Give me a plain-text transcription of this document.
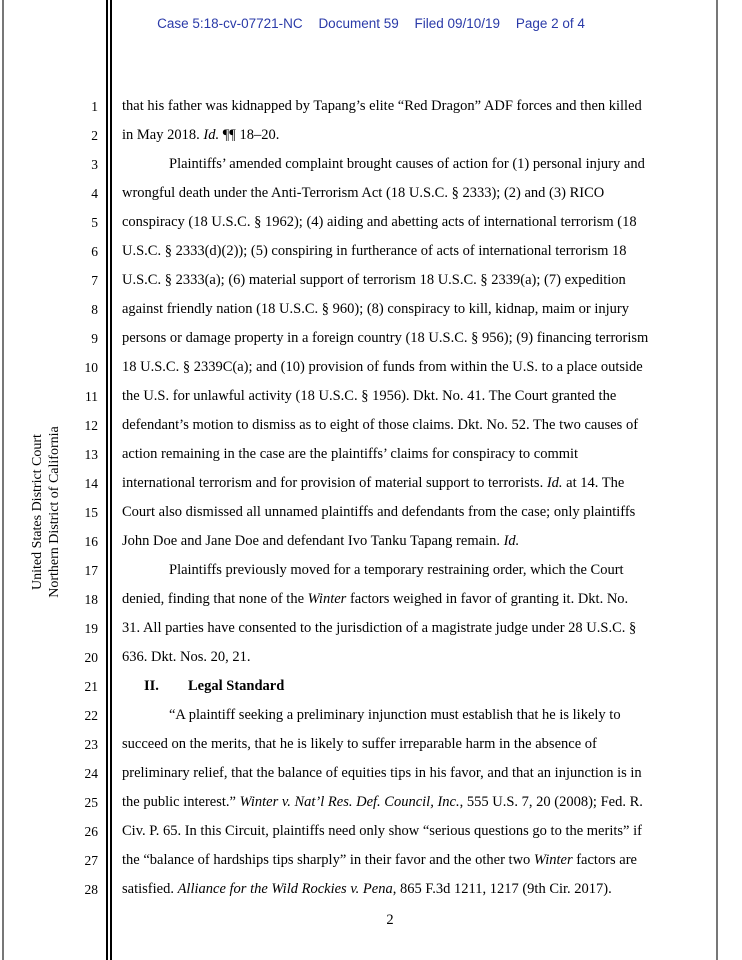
Case 5:18-cv-07721-NC Document 59 Filed 09/10/19 Page 2 of 4
United States District Court Northern District of California
1
2
3
4
5
6
7
8
9
10
11
12
13
14
15
16
17
18
19
20
21
22
23
24
25
26
27
28
that his father was kidnapped by Tapang’s elite “Red Dragon” ADF forces and then killed
in May 2018. Id. ¶¶ 18–20.
Plaintiffs’ amended complaint brought causes of action for (1) personal injury and
wrongful death under the Anti-Terrorism Act (18 U.S.C. § 2333); (2) and (3) RICO
conspiracy (18 U.S.C. § 1962); (4) aiding and abetting acts of international terrorism (18
U.S.C. § 2333(d)(2)); (5) conspiring in furtherance of acts of international terrorism 18
U.S.C. § 2333(a); (6) material support of terrorism 18 U.S.C. § 2339(a); (7) expedition
against friendly nation (18 U.S.C. § 960); (8) conspiracy to kill, kidnap, maim or injury
persons or damage property in a foreign country (18 U.S.C. § 956); (9) financing terrorism
18 U.S.C. § 2339C(a); and (10) provision of funds from within the U.S. to a place outside
the U.S. for unlawful activity (18 U.S.C. § 1956). Dkt. No. 41. The Court granted the
defendant’s motion to dismiss as to eight of those claims. Dkt. No. 52. The two causes of
action remaining in the case are the plaintiffs’ claims for conspiracy to commit
international terrorism and for provision of material support to terrorists. Id. at 14. The
Court also dismissed all unnamed plaintiffs and defendants from the case; only plaintiffs
John Doe and Jane Doe and defendant Ivo Tanku Tapang remain. Id.
Plaintiffs previously moved for a temporary restraining order, which the Court
denied, finding that none of the Winter factors weighed in favor of granting it. Dkt. No.
31. All parties have consented to the jurisdiction of a magistrate judge under 28 U.S.C. §
636. Dkt. Nos. 20, 21.
II. Legal Standard
“A plaintiff seeking a preliminary injunction must establish that he is likely to
succeed on the merits, that he is likely to suffer irreparable harm in the absence of
preliminary relief, that the balance of equities tips in his favor, and that an injunction is in
the public interest.” Winter v. Nat’l Res. Def. Council, Inc., 555 U.S. 7, 20 (2008); Fed. R.
Civ. P. 65. In this Circuit, plaintiffs need only show “serious questions go to the merits” if
the “balance of hardships tips sharply” in their favor and the other two Winter factors are
satisfied. Alliance for the Wild Rockies v. Pena, 865 F.3d 1211, 1217 (9th Cir. 2017).
2
